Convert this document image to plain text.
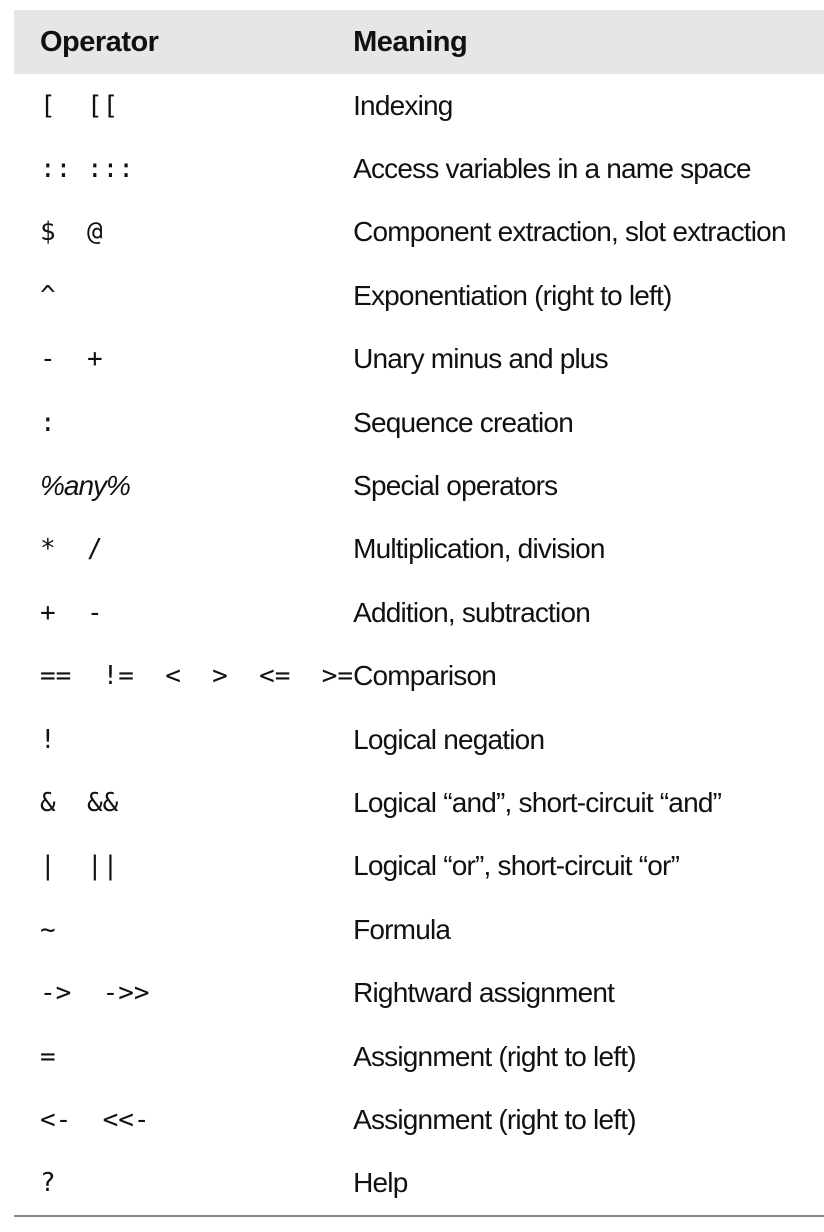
Operator	Meaning
[  [[	Indexing
:: :::	Access variables in a name space
$  @	Component extraction, slot extraction
^	Exponentiation (right to left)
-  +	Unary minus and plus
:	Sequence creation
%any%	Special operators
*  /	Multiplication, division
+  -	Addition, subtraction
==  !=  <  >  <=  >=	Comparison
!	Logical negation
&  &&	Logical “and”, short-circuit “and”
|  ||	Logical “or”, short-circuit “or”
~	Formula
->  ->>	Rightward assignment
=	Assignment (right to left)
<-  <<-	Assignment (right to left)
?	Help
